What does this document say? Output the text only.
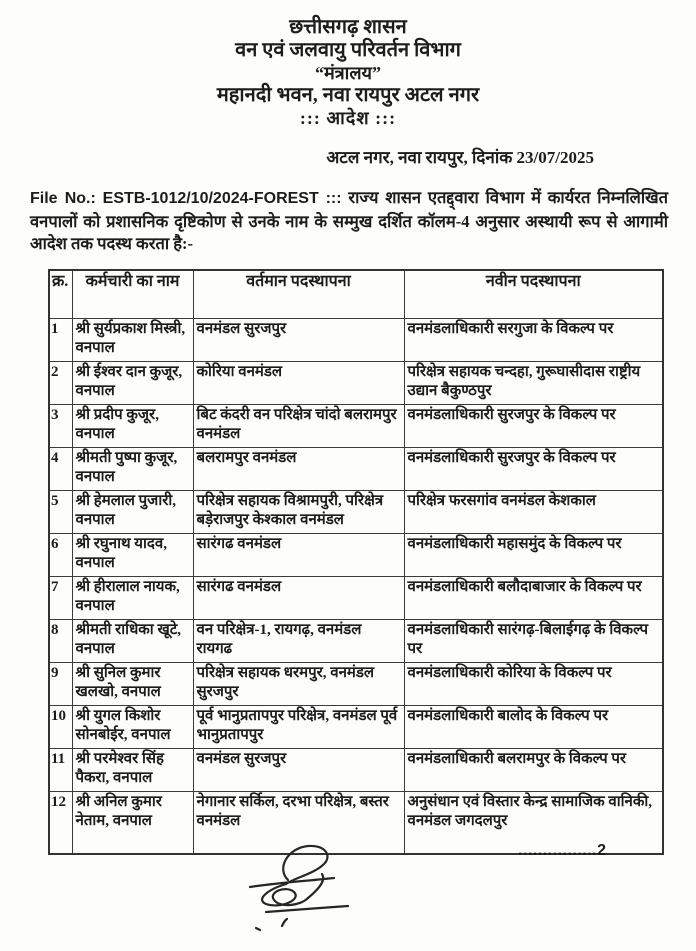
छत्तीसगढ़ शासन
वन एवं जलवायु परिवर्तन विभाग
“मंत्रालय”
महानदी भवन, नवा रायपुर अटल नगर
::: आदेश :::
अटल नगर, नवा रायपुर, दिनांक 23/07/2025

File No.: ESTB-1012/10/2024-FOREST ::: राज्य शासन एतद्द्वारा विभाग में कार्यरत निम्नलिखित वनपालों को प्रशासनिक दृष्टिकोण से उनके नाम के सम्मुख दर्शित कॉलम-4 अनुसार अस्थायी रूप से आगामी आदेश तक पदस्थ करता है:-

क्र.	कर्मचारी का नाम	वर्तमान पदस्थापना	नवीन पदस्थापना
1	श्री सुर्यप्रकाश मिस्त्री, वनपाल	वनमंडल सुरजपुर	वनमंडलाधिकारी सरगुजा के विकल्प पर
2	श्री ईश्वर दान कुजूर, वनपाल	कोरिया वनमंडल	परिक्षेत्र सहायक चन्दहा, गुरूघासीदास राष्ट्रीय उद्यान बैकुण्ठपुर
3	श्री प्रदीप कुजूर, वनपाल	बिट कंदरी वन परिक्षेत्र चांदो बलरामपुर वनमंडल	वनमंडलाधिकारी सुरजपुर के विकल्प पर
4	श्रीमती पुष्पा कुजूर, वनपाल	बलरामपुर वनमंडल	वनमंडलाधिकारी सुरजपुर के विकल्प पर
5	श्री हेमलाल पुजारी, वनपाल	परिक्षेत्र सहायक विश्रामपुरी, परिक्षेत्र बड़ेराजपुर केश्काल वनमंडल	परिक्षेत्र फरसगांव वनमंडल केशकाल
6	श्री रघुनाथ यादव, वनपाल	सारंगढ वनमंडल	वनमंडलाधिकारी महासमुंद के विकल्प पर
7	श्री हीरालाल नायक, वनपाल	सारंगढ वनमंडल	वनमंडलाधिकारी बलौदाबाजार के विकल्प पर
8	श्रीमती राधिका खूटे, वनपाल	वन परिक्षेत्र-1, रायगढ़, वनमंडल रायगढ	वनमंडलाधिकारी सारंगढ़-बिलाईगढ़ के विकल्प पर
9	श्री सुनिल कुमार खलखो, वनपाल	परिक्षेत्र सहायक धरमपुर, वनमंडल सुरजपुर	वनमंडलाधिकारी कोरिया के विकल्प पर
10	श्री युगल किशोर सोनबोईर, वनपाल	पूर्व भानुप्रतापपुर परिक्षेत्र, वनमंडल पूर्व भानुप्रतापपुर	वनमंडलाधिकारी बालोद के विकल्प पर
11	श्री परमेश्वर सिंह पैकरा, वनपाल	वनमंडल सुरजपुर	वनमंडलाधिकारी बलरामपुर के विकल्प पर
12	श्री अनिल कुमार नेताम, वनपाल	नेगानार सर्किल, दरभा परिक्षेत्र, बस्तर वनमंडल	अनुसंधान एवं विस्तार केन्द्र सामाजिक वानिकी, वनमंडल जगदलपुर
................2
